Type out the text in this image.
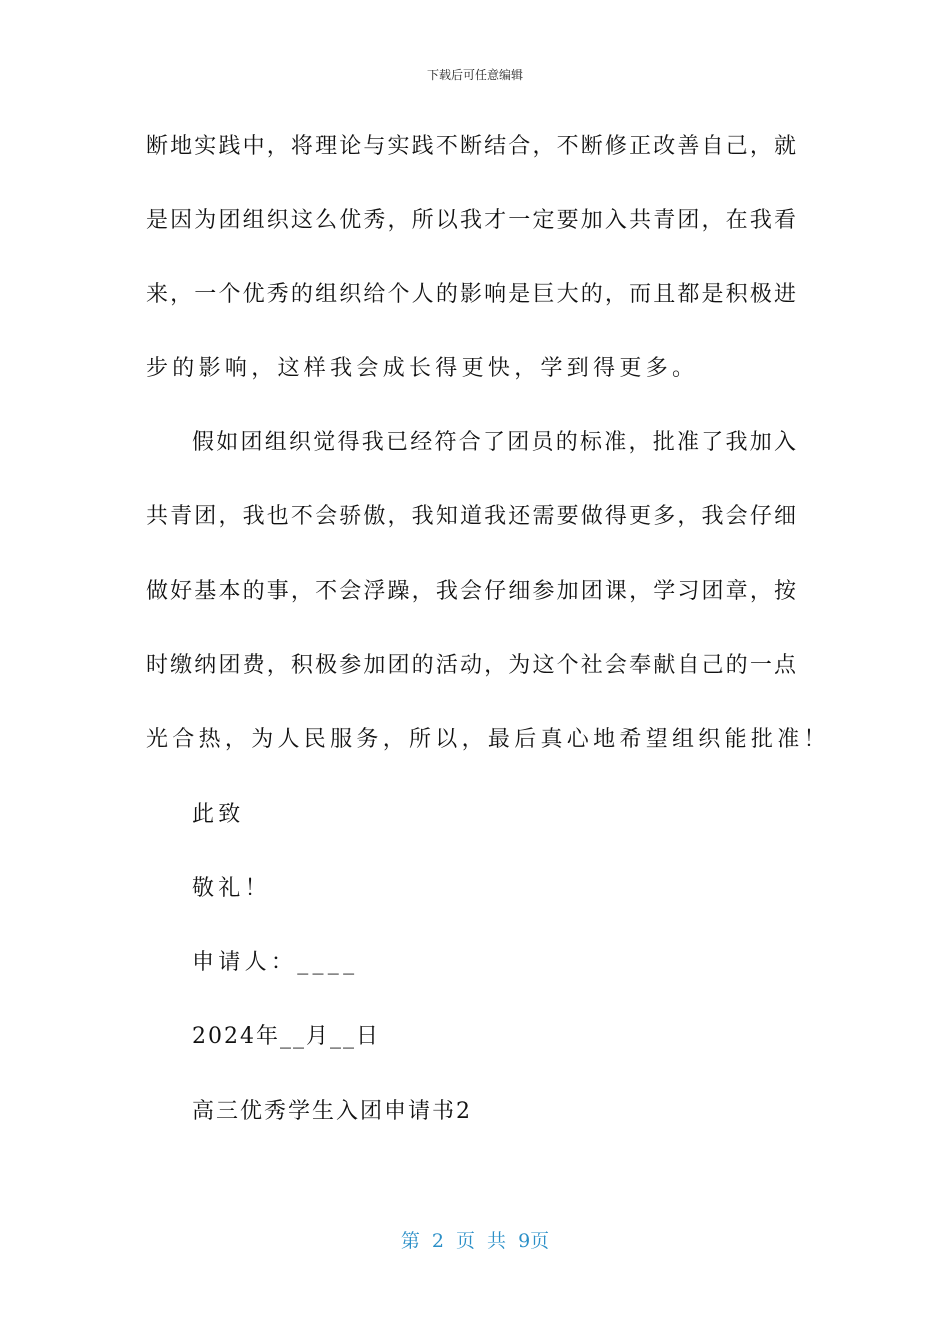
下载后可任意编辑
断地实践中，将理论与实践不断结合，不断修正改善自己，就
是因为团组织这么优秀，所以我才一定要加入共青团，在我看
来，一个优秀的组织给个人的影响是巨大的，而且都是积极进
步的影响，这样我会成长得更快，学到得更多。
假如团组织觉得我已经符合了团员的标准，批准了我加入
共青团，我也不会骄傲，我知道我还需要做得更多，我会仔细
做好基本的事，不会浮躁，我会仔细参加团课，学习团章，按
时缴纳团费，积极参加团的活动，为这个社会奉献自己的一点
光合热，为人民服务，所以，最后真心地希望组织能批准！
此致
敬礼！
申请人：____
2024年__月__日
高三优秀学生入团申请书2
第 2 页 共 9页
